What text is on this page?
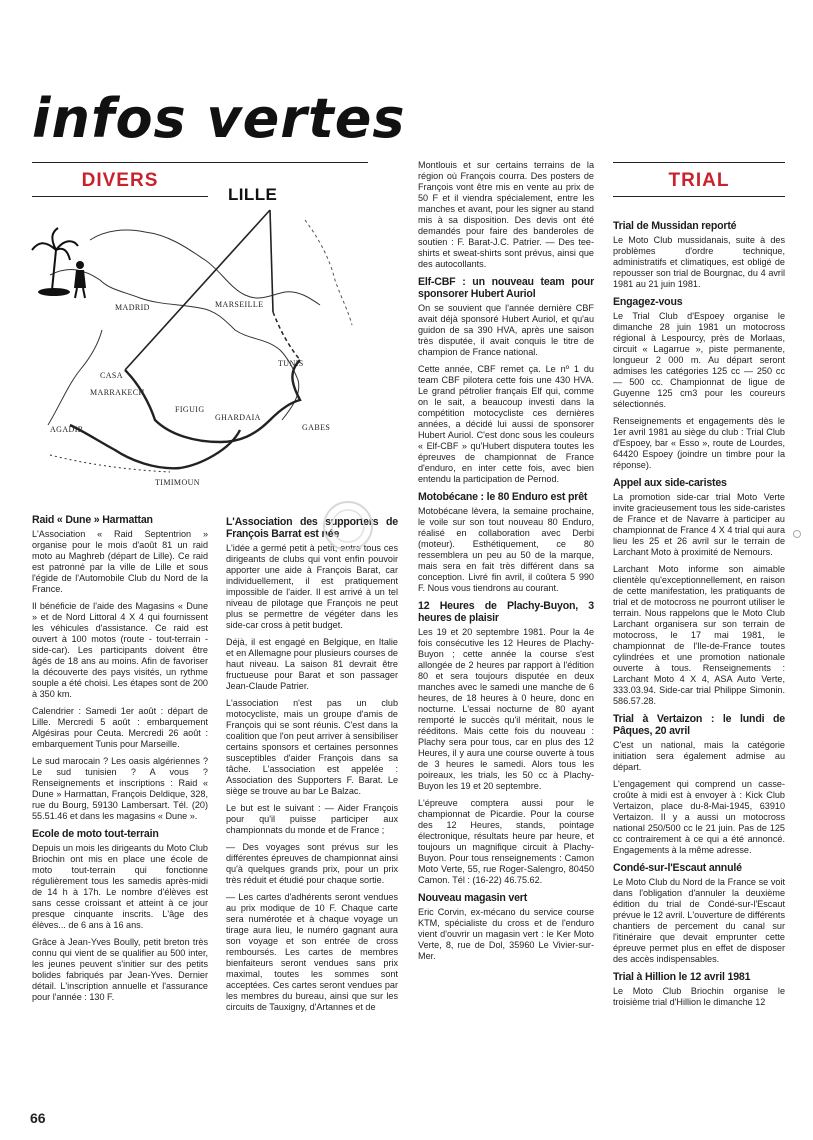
infos vertes
DIVERS	TRIAL
LILLE
MADRID	MARSEILLE
CASA
MARRAKECH
AGADIR
FIGUIG
GHARDAIA
TUNIS
GABES
TIMIMOUN
Raid « Dune » Harmattan

L'Association « Raid Septentrion » organise pour le mois d'août 81 un raid moto au Maghreb (départ de Lille). Ce raid est patronné par la ville de Lille et sous l'égide de l'Automobile Club du Nord de la France.

Il bénéficie de l'aide des Magasins « Dune » et de Nord Littoral 4 X 4 qui fournissent les véhicules d'assistance. Ce raid est ouvert à 100 motos (route - tout-terrain - side-car). Les participants doivent être âgés de 18 ans au moins. Afin de favoriser la découverte des pays visités, un rythme souple a été choisi. Les étapes sont de 200 à 350 km.

Calendrier : Samedi 1er août : départ de Lille. Mercredi 5 août : embarquement Algésiras pour Ceuta. Mercredi 26 août : embarquement Tunis pour Marseille.

Le sud marocain ? Les oasis algériennes ? Le sud tunisien ? A vous ? Renseignements et inscriptions : Raid « Dune » Harmattan, François Deldique, 328, rue du Bourg, 59130 Lambersart. Tél. (20) 55.51.46 et dans les magasins « Dune ».

Ecole de moto tout-terrain

Depuis un mois les dirigeants du Moto Club Briochin ont mis en place une école de moto tout-terrain qui fonctionne régulièrement tous les samedis après-midi de 14 h à 17h. Le nombre d'élèves est sans cesse croissant et atteint à ce jour presque cinquante inscrits. L'âge des élèves... de 6 ans à 16 ans.

Grâce à Jean-Yves Boully, petit breton très connu qui vient de se qualifier au 500 inter, les jeunes peuvent s'initier sur des petits bolides fabriqués par Jean-Yves. Dernier détail. L'inscription annuelle et l'assurance pour l'année : 130 F.

L'Association des supporters de François Barrat est née

L'idée a germé petit à petit, entre tous ces dirigeants de clubs qui vont enfin pouvoir apporter une aide à François Barat, car individuellement, il est pratiquement impossible de l'aider. Il est arrivé à un tel niveau de pilotage que François ne peut plus se permettre de végéter dans les side-car cross à petit budget.

Déjà, il est engagé en Belgique, en Italie et en Allemagne pour plusieurs courses de haut niveau. La saison 81 devrait être fructueuse pour Barat et son passager Jean-Claude Patrier.

L'association n'est pas un club motocycliste, mais un groupe d'amis de François qui se sont réunis. C'est dans la coalition que l'on peut arriver à sensibiliser certains sponsors et certaines personnes susceptibles d'aider François dans sa tâche. L'association est appelée : Association des Supporters F. Barat. Le siège se trouve au bar Le Balzac.

Le but est le suivant : — Aider François pour qu'il puisse participer aux championnats du monde et de France ;

— Des voyages sont prévus sur les différentes épreuves de championnat ainsi qu'à quelques grands prix, pour un prix très réduit et étudié pour chaque sortie.

— Les cartes d'adhérents seront vendues au prix modique de 10 F. Chaque carte sera numérotée et à chaque voyage un tirage aura lieu, le numéro gagnant aura son voyage et son entrée de cross remboursés. Les cartes de membres bienfaiteurs seront vendues sans prix maximal, toutes les sommes sont acceptées. Ces cartes seront vendues par les membres du bureau, ainsi que sur les circuits de Tauxigny, d'Artannes et de

Montlouis et sur certains terrains de la région où François courra. Des posters de François vont être mis en vente au prix de 50 F et il viendra spécialement, entre les manches et avant, pour les signer au stand mis à sa disposition. Des devis ont été demandés pour faire des banderoles de soutien : F. Barat-J.C. Patrier. — Des tee-shirts et sweat-shirts sont prévus, ainsi que des autocollants.

Elf-CBF : un nouveau team pour sponsorer Hubert Auriol

On se souvient que l'année dernière CBF avait déjà sponsoré Hubert Auriol, et qu'au guidon de sa 390 HVA, après une saison très disputée, il avait conquis le titre de champion de France national.

Cette année, CBF remet ça. Le nº 1 du team CBF pilotera cette fois une 430 HVA. Le grand pétrolier français Elf qui, comme on le sait, a beaucoup investi dans la compétition motocycliste ces dernières années, a décidé lui aussi de sponsorer Hubert Auriol. C'est donc sous les couleurs « Elf-CBF » qu'Hubert disputera toutes les épreuves de championnat de France d'enduro, en inter cette fois, avec bien entendu la participation de Pernod.

Motobécane : le 80 Enduro est prêt

Motobécane lèvera, la semaine prochaine, le voile sur son tout nouveau 80 Enduro, réalisé en collaboration avec Derbi (moteur). Esthétiquement, ce 80 ressemblera un peu au 50 de la marque, mais sera en fait très différent dans sa conception. Livré fin avril, il coûtera 5 990 F. Nous vous tiendrons au courant.

12 Heures de Plachy-Buyon, 3 heures de plaisir

Les 19 et 20 septembre 1981. Pour la 4e fois consécutive les 12 Heures de Plachy-Buyon ; cette année la course s'est allongée de 2 heures par rapport à l'édition 80 et sera toujours disputée en deux manches avec le samedi une manche de 6 heures, de 18 heures à 0 heure, donc en nocturne. L'essai nocturne de 80 ayant remporté le succès qu'il méritait, nous le rééditons. Mais cette fois du nouveau : Plachy sera pour tous, car en plus des 12 Heures, il y aura une course ouverte à tous de 3 heures le samedi. Alors tous les poireaux, les trials, les 50 cc à Plachy-Buyon les 19 et 20 septembre.

L'épreuve comptera aussi pour le championnat de Picardie. Pour la course des 12 Heures, stands, pointage électronique, résultats heure par heure, et toujours un magnifique circuit à Plachy-Buyon. Pour tous renseignements : Camon Moto Verte, 55, rue Roger-Salengro, 80450 Camon. Tél : (16-22) 46.75.62.

Nouveau magasin vert

Eric Corvin, ex-mécano du service course KTM, spécialiste du cross et de l'enduro vient d'ouvrir un magasin vert : le Ker Moto Verte, 8, rue de Dol, 35960 Le Vivier-sur-Mer.

Trial de Mussidan reporté

Le Moto Club mussidanais, suite à des problèmes d'ordre technique, administratifs et climatiques, est obligé de repousser son trial de Bourgnac, du 4 avril 1981 au 21 juin 1981.

Engagez-vous

Le Trial Club d'Espoey organise le dimanche 28 juin 1981 un motocross régional à Lespourcy, près de Morlaas, circuit « Lagarrue », piste permanente, longueur 2 000 m. Au départ seront admises les catégories 125 cc — 250 cc — 500 cc. Championnat de ligue de Guyenne 125 cm3 pour les coureurs sélectionnés.

Renseignements et engagements dès le 1er avril 1981 au siège du club : Trial Club d'Espoey, bar « Esso », route de Lourdes, 64420 Espoey (joindre un timbre pour la réponse).

Appel aux side-caristes

La promotion side-car trial Moto Verte invite gracieusement tous les side-caristes de France et de Navarre à participer au championnat de France 4 X 4 trial qui aura lieu les 25 et 26 avril sur le terrain de Larchant Moto à proximité de Nemours.

Larchant Moto informe son aimable clientèle qu'exceptionnellement, en raison de cette manifestation, les pratiquants de trial et de motocross ne pourront utiliser le terrain. Nous rappelons que le Moto Club Larchant organisera sur son terrain de motocross, le 17 mai 1981, le championnat de l'Ile-de-France toutes cylindrées et une promotion nationale ouverte à tous. Renseignements : Larchant Moto 4 X 4, ASA Auto Verte, 333.03.94. Side-car trial Philippe Simonin. 586.57.28.

Trial à Vertaizon : le lundi de Pâques, 20 avril

C'est un national, mais la catégorie initiation sera également admise au départ.

L'engagement qui comprend un casse-croûte à midi est à envoyer à : Kick Club Vertaizon, place du-8-Mai-1945, 63910 Vertaizon. Il y a aussi un motocross national 250/500 cc le 21 juin. Pas de 125 cc contrairement à ce qui a été annoncé. Engagements à la même adresse.

Condé-sur-l'Escaut annulé

Le Moto Club du Nord de la France se voit dans l'obligation d'annuler la deuxième édition du trial de Condé-sur-l'Escaut prévue le 12 avril. L'ouverture de différents chantiers de percement du canal sur l'itinéraire que devait emprunter cette épreuve permet plus en effet de disposer des accès indispensables.

Trial à Hillion le 12 avril 1981

Le Moto Club Briochin organise le troisième trial d'Hillion le dimanche 12

66
